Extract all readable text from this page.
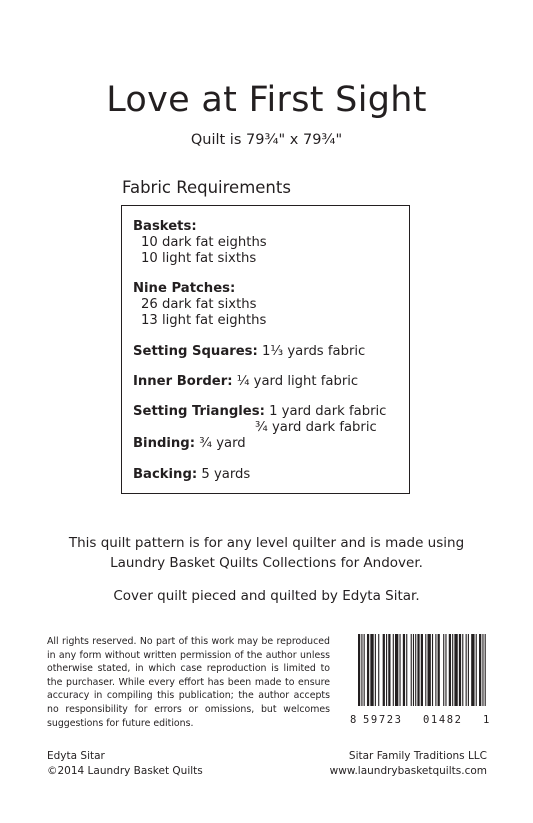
Love at First Sight
Quilt is 79¾" x 79¾"
Fabric Requirements
Baskets:
10 dark fat eighths
10 light fat sixths
Nine Patches:
26 dark fat sixths
13 light fat eighths
Setting Squares: 1⅓ yards fabric
Inner Border: ¼ yard light fabric
Setting Triangles: 1 yard dark fabric
¾ yard dark fabric
Binding: ¾ yard
Backing: 5 yards
This quilt pattern is for any level quilter and is made using
Laundry Basket Quilts Collections for Andover.
Cover quilt pieced and quilted by Edyta Sitar.
All rights reserved. No part of this work may be reproduced in any form without written permission of the author unless otherwise stated, in which case reproduction is limited to the purchaser. While every effort has been made to ensure accuracy in compiling this publication; the author accepts no responsibility for errors or omissions, but welcomes suggestions for future editions.	8 59723 01482 1
Edyta Sitar
©2014 Laundry Basket Quilts
Sitar Family Traditions LLC
www.laundrybasketquilts.com
